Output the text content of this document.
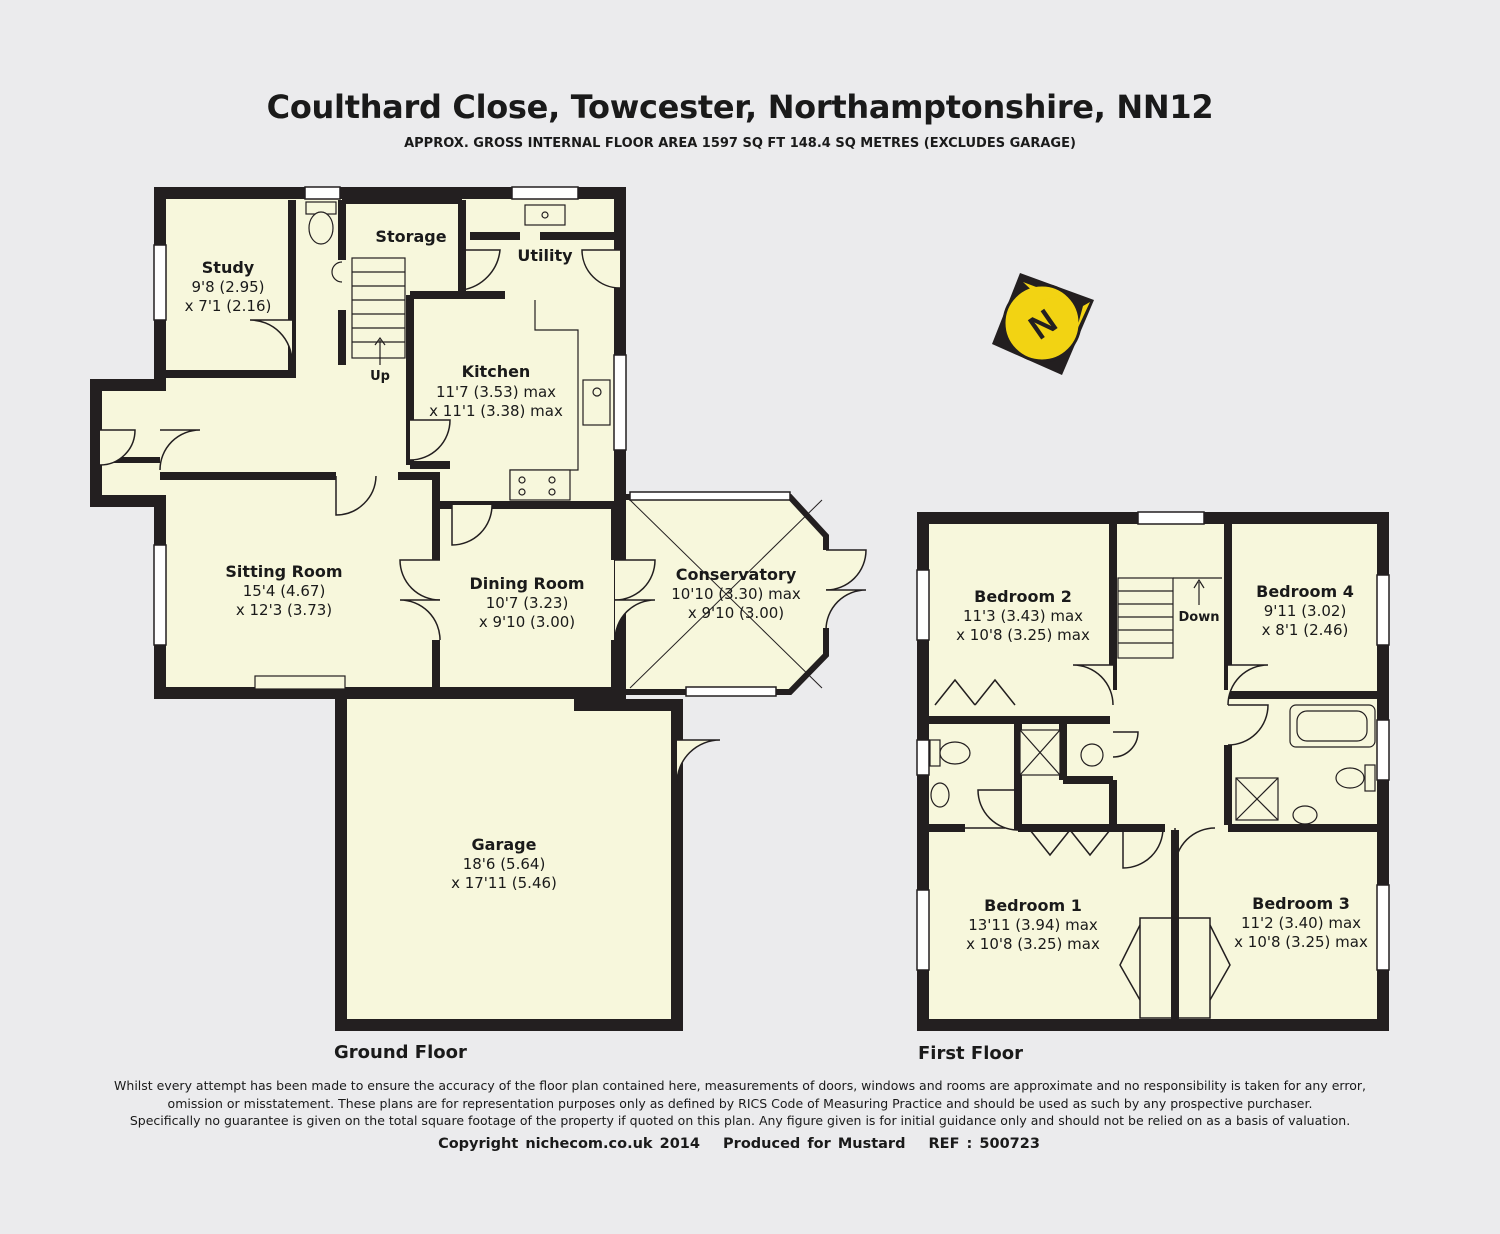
Coulthard Close, Towcester, Northamptonshire, NN12
APPROX. GROSS INTERNAL FLOOR AREA 1597 SQ FT 148.4 SQ METRES (EXCLUDES GARAGE)
N
Study
9'8 (2.95)
x 7'1 (2.16)
Storage
Utility
Up	Kitchen
11'7 (3.53) max
x 11'1 (3.38) max
Sitting Room
15'4 (4.67)
x 12'3 (3.73)
Dining Room
10'7 (3.23)
x 9'10 (3.00)
Conservatory
10'10 (3.30) max
x 9'10 (3.00)
Garage
18'6 (5.64)
x 17'11 (5.46)
Bedroom 2
11'3 (3.43) max
x 10'8 (3.25) max
Down
Bedroom 4
9'11 (3.02)
x 8'1 (2.46)
Bedroom 1
13'11 (3.94) max
x 10'8 (3.25) max
Bedroom 3
11'2 (3.40) max
x 10'8 (3.25) max
Ground Floor	First Floor
Whilst every attempt has been made to ensure the accuracy of the floor plan contained here, measurements of doors, windows and rooms are approximate and no responsibility is taken for any error,
omission or misstatement. These plans are for representation purposes only as defined by RICS Code of Measuring Practice and should be used as such by any prospective purchaser.
Specifically no guarantee is given on the total square footage of the property if quoted on this plan. Any figure given is for initial guidance only and should not be relied on as a basis of valuation.
Copyright nichecom.co.uk 2014 Produced for Mustard REF : 500723
